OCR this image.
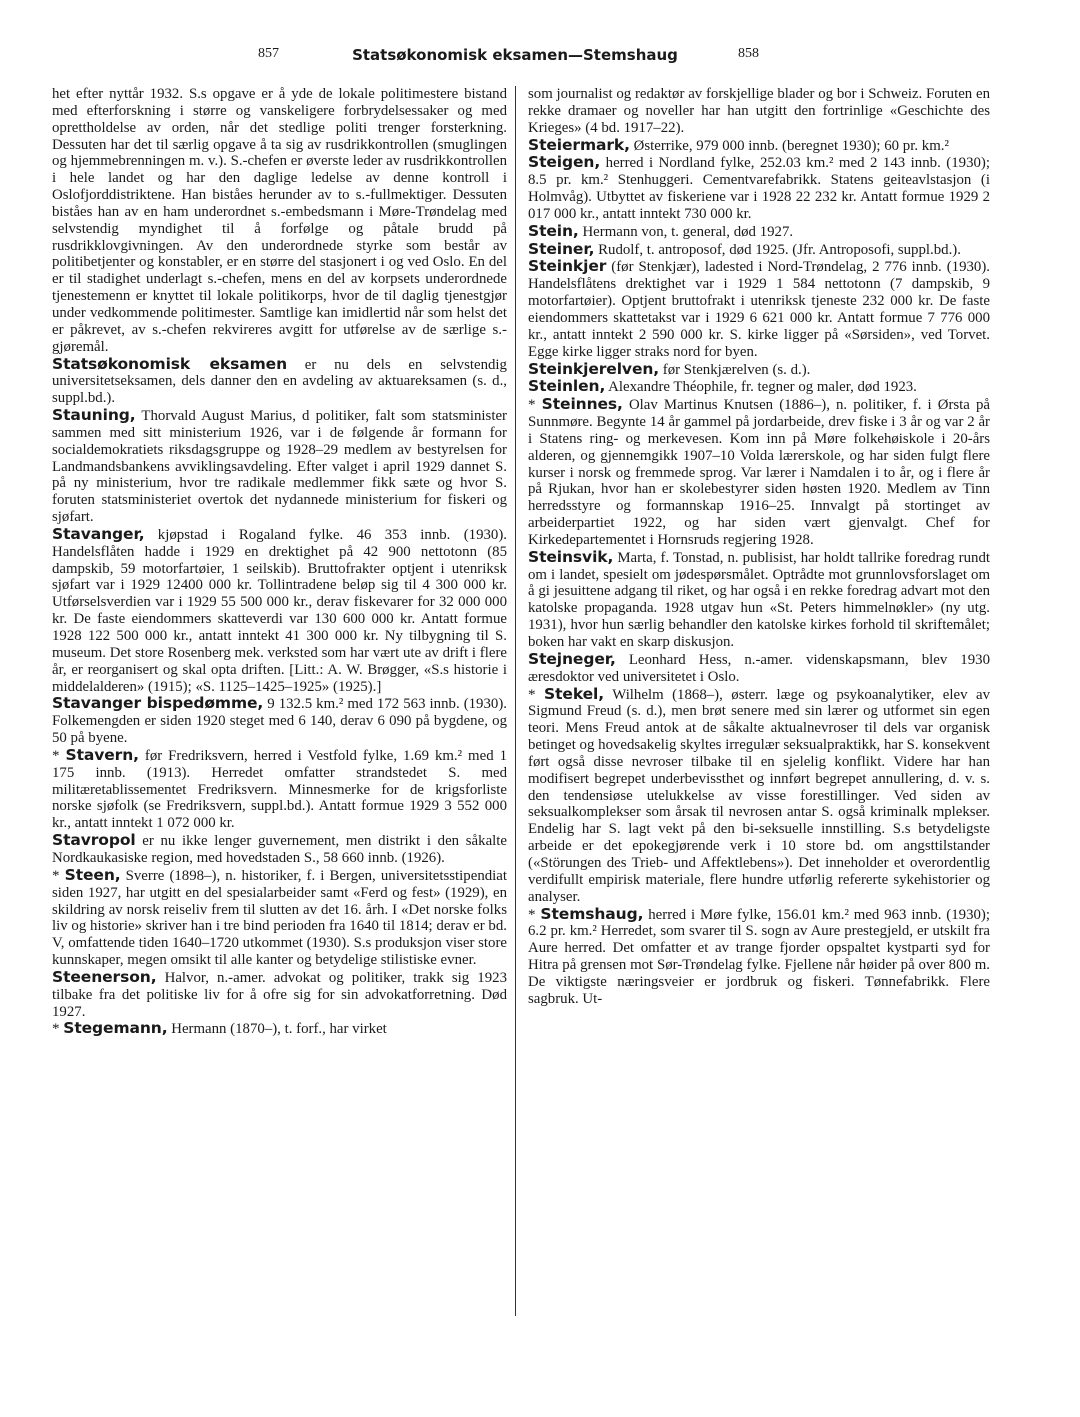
857	Statsøkonomisk eksamen—Stemshaug	858

het efter nyttår 1932. S.s opgave er å yde de lokale politimestere bistand med efterforskning i større og vanskeligere forbrydelsessaker og med oprettholdelse av orden, når det stedlige politi trenger forsterkning. Dessuten har det til særlig opgave å ta sig av rusdrikkontrollen (smuglingen og hjemmebrenningen m. v.). S.-chefen er øverste leder av rusdrikkontrollen i hele landet og har den daglige ledelse av denne kontroll i Oslofjorddistriktene. Han biståes herunder av to s.-fullmektiger. Dessuten biståes han av en ham underordnet s.-embedsmann i Møre-Trøndelag med selvstendig myndighet til å forfølge og påtale brudd på rusdrikklovgivningen. Av den underordnede styrke som består av politibetjenter og konstabler, er en større del stasjonert i og ved Oslo. En del er til stadighet underlagt s.-chefen, mens en del av korpsets underordnede tjenestemenn er knyttet til lokale politikorps, hvor de til daglig tjenestgjør under vedkommende politimester. Samtlige kan imidlertid når som helst det er påkrevet, av s.-chefen rekvireres avgitt for utførelse av de særlige s.-gjøremål.

Statsøkonomisk eksamen er nu dels en selvstendig universitetseksamen, dels danner den en avdeling av aktuareksamen (s. d., suppl.bd.).

Stauning, Thorvald August Marius, d politiker, falt som statsminister sammen med sitt ministerium 1926, var i de følgende år formann for socialdemokratiets riksdagsgruppe og 1928–29 medlem av bestyrelsen for Landmandsbankens avviklingsavdeling. Efter valget i april 1929 dannet S. på ny ministerium, hvor tre radikale medlemmer fikk sæte og hvor S. foruten statsministeriet overtok det nydannede ministerium for fiskeri og sjøfart.

Stavanger, kjøpstad i Rogaland fylke. 46 353 innb. (1930). Handelsflåten hadde i 1929 en drektighet på 42 900 nettotonn (85 dampskib, 59 motorfartøier, 1 seilskib). Bruttofrakter optjent i utenriksk sjøfart var i 1929 12400 000 kr. Tollintradene beløp sig til 4 300 000 kr. Utførselsverdien var i 1929 55 500 000 kr., derav fiskevarer for 32 000 000 kr. De faste eiendommers skatteverdi var 130 600 000 kr. Antatt formue 1928 122 500 000 kr., antatt inntekt 41 300 000 kr. Ny tilbygning til S. museum. Det store Rosenberg mek. verksted som har vært ute av drift i flere år, er reorganisert og skal opta driften. [Litt.: A. W. Brøgger, «S.s historie i middelalderen» (1915); «S. 1125–1425–1925» (1925).]

Stavanger bispedømme, 9 132.5 km.² med 172 563 innb. (1930). Folkemengden er siden 1920 steget med 6 140, derav 6 090 på bygdene, og 50 på byene.

* Stavern, før Fredriksvern, herred i Vestfold fylke, 1.69 km.² med 1 175 innb. (1913). Herredet omfatter strandstedet S. med militæretablissementet Fredriksvern. Minnesmerke for de krigsforliste norske sjøfolk (se Fredriksvern, suppl.bd.). Antatt formue 1929 3 552 000 kr., antatt inntekt 1 072 000 kr.

Stavropol er nu ikke lenger guvernement, men distrikt i den såkalte Nordkaukasiske region, med hovedstaden S., 58 660 innb. (1926).

* Steen, Sverre (1898–), n. historiker, f. i Bergen, universitetsstipendiat siden 1927, har utgitt en del spesialarbeider samt «Ferd og fest» (1929), en skildring av norsk reiseliv frem til slutten av det 16. årh. I «Det norske folks liv og historie» skriver han i tre bind perioden fra 1640 til 1814; derav er bd. V, omfattende tiden 1640–1720 utkommet (1930). S.s produksjon viser store kunnskaper, megen omsikt til alle kanter og betydelige stilistiske evner.

Steenerson, Halvor, n.-amer. advokat og politiker, trakk sig 1923 tilbake fra det politiske liv for å ofre sig for sin advokatforretning. Død 1927.

* Stegemann, Hermann (1870–), t. forf., har virket

som journalist og redaktør av forskjellige blader og bor i Schweiz. Foruten en rekke dramaer og noveller har han utgitt den fortrinlige «Geschichte des Krieges» (4 bd. 1917–22).

Steiermark, Østerrike, 979 000 innb. (beregnet 1930); 60 pr. km.²

Steigen, herred i Nordland fylke, 252.03 km.² med 2 143 innb. (1930); 8.5 pr. km.² Stenhuggeri. Cementvarefabrikk. Statens geiteavlstasjon (i Holmvåg). Utbyttet av fiskeriene var i 1928 22 232 kr. Antatt formue 1929 2 017 000 kr., antatt inntekt 730 000 kr.

Stein, Hermann von, t. general, død 1927.

Steiner, Rudolf, t. antroposof, død 1925. (Jfr. Antroposofi, suppl.bd.).

Steinkjer (før Stenkjær), ladested i Nord-Trøndelag, 2 776 innb. (1930). Handelsflåtens drektighet var i 1929 1 584 nettotonn (7 dampskib, 9 motorfartøier). Optjent bruttofrakt i utenriksk tjeneste 232 000 kr. De faste eiendommers skattetakst var i 1929 6 621 000 kr. Antatt formue 7 776 000 kr., antatt inntekt 2 590 000 kr. S. kirke ligger på «Sørsiden», ved Torvet. Egge kirke ligger straks nord for byen.

Steinkjerelven, før Stenkjærelven (s. d.).

Steinlen, Alexandre Théophile, fr. tegner og maler, død 1923.

* Steinnes, Olav Martinus Knutsen (1886–), n. politiker, f. i Ørsta på Sunnmøre. Begynte 14 år gammel på jordarbeide, drev fiske i 3 år og var 2 år i Statens ring- og merkevesen. Kom inn på Møre folkehøiskole i 20-års alderen, og gjennemgikk 1907–10 Volda lærerskole, og har siden fulgt flere kurser i norsk og fremmede sprog. Var lærer i Namdalen i to år, og i flere år på Rjukan, hvor han er skolebestyrer siden høsten 1920. Medlem av Tinn herredsstyre og formannskap 1916–25. Innvalgt på stortinget av arbeiderpartiet 1922, og har siden vært gjenvalgt. Chef for Kirkedepartementet i Hornsruds regjering 1928.

Steinsvik, Marta, f. Tonstad, n. publisist, har holdt tallrike foredrag rundt om i landet, spesielt om jødespørsmålet. Optrådte mot grunnlovsforslaget om å gi jesuittene adgang til riket, og har også i en rekke foredrag advart mot den katolske propaganda. 1928 utgav hun «St. Peters himmelnøkler» (ny utg. 1931), hvor hun særlig behandler den katolske kirkes forhold til skriftemålet; boken har vakt en skarp diskusjon.

Stejneger, Leonhard Hess, n.-amer. videnskapsmann, blev 1930 æresdoktor ved universitetet i Oslo.

* Stekel, Wilhelm (1868–), østerr. læge og psykoanalytiker, elev av Sigmund Freud (s. d.), men brøt senere med sin lærer og utformet sin egen teori. Mens Freud antok at de såkalte aktualnevroser til dels var organisk betinget og hovedsakelig skyltes irregulær seksualpraktikk, har S. konsekvent ført også disse nevroser tilbake til en sjelelig konflikt. Videre har han modifisert begrepet underbevissthet og innført begrepet annullering, d. v. s. den tendensiøse utelukkelse av visse forestillinger. Ved siden av seksualkomplekser som årsak til nevrosen antar S. også kriminalk mplekser. Endelig har S. lagt vekt på den bi-seksuelle innstilling. S.s betydeligste arbeide er det epokegjørende verk i 10 store bd. om angsttilstander («Störungen des Trieb- und Affektlebens»). Det inneholder et overordentlig verdifullt empirisk materiale, flere hundre utførlig refererte sykehistorier og analyser.

* Stemshaug, herred i Møre fylke, 156.01 km.² med 963 innb. (1930); 6.2 pr. km.² Herredet, som svarer til S. sogn av Aure prestegjeld, er utskilt fra Aure herred. Det omfatter et av trange fjorder opspaltet kystparti syd for Hitra på grensen mot Sør-Trøndelag fylke. Fjellene når høider på over 800 m. De viktigste næringsveier er jordbruk og fiskeri. Tønnefabrikk. Flere sagbruk. Ut-
